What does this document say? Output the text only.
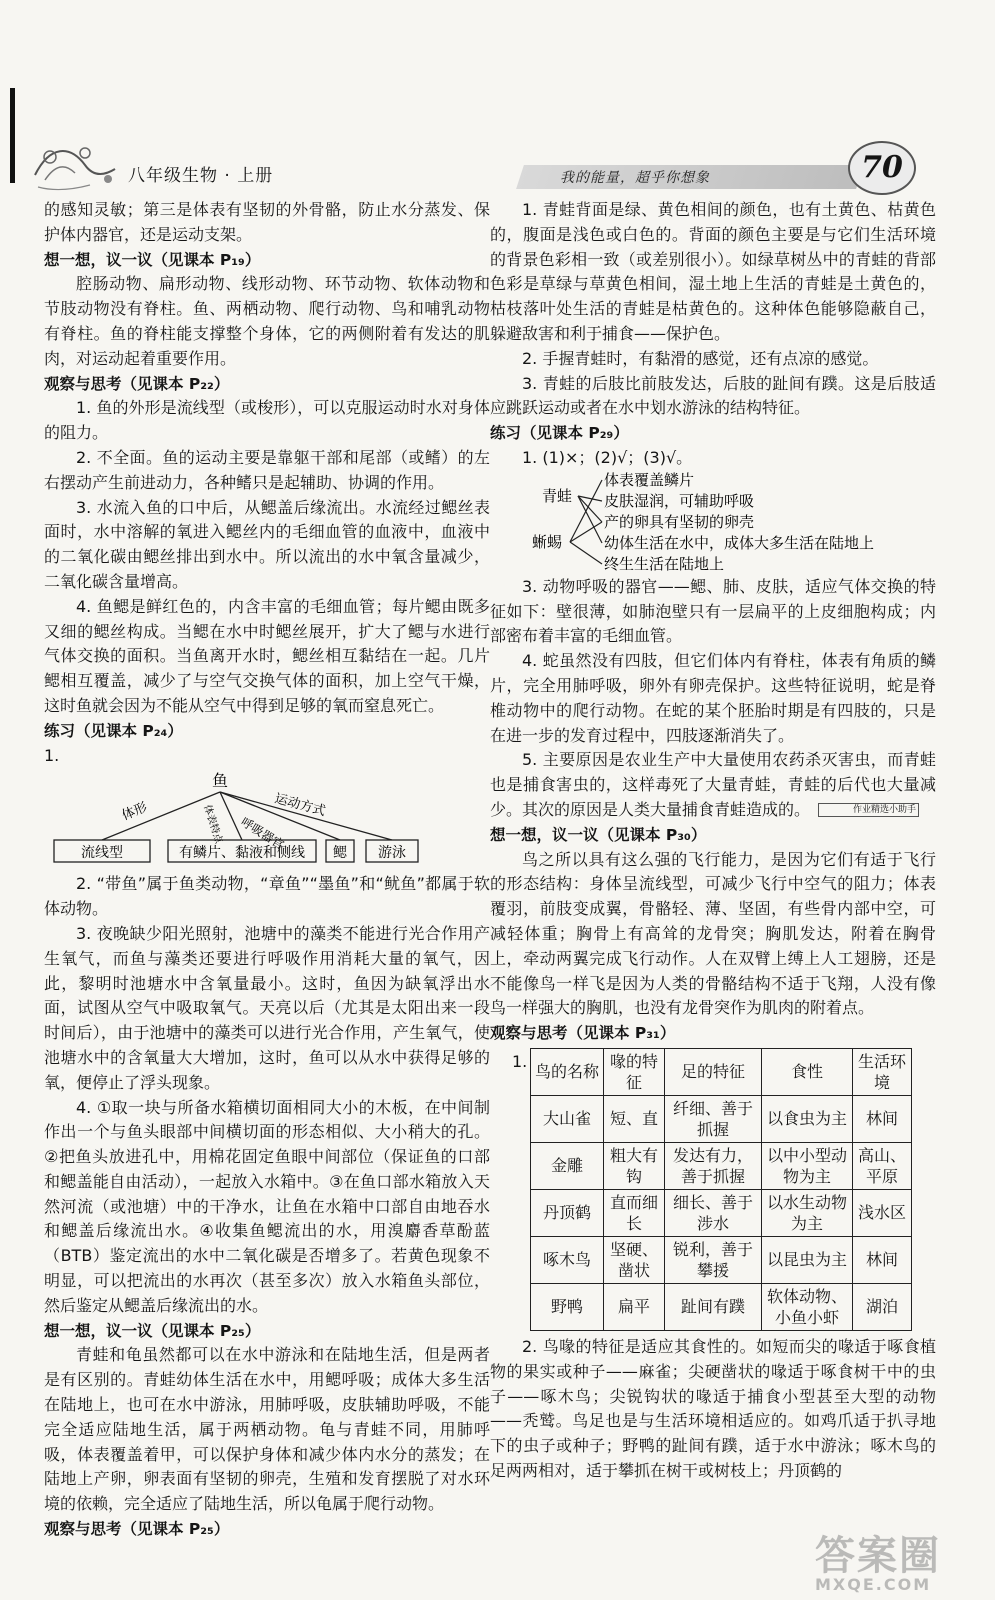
八年级生物 · 上册	我的能量，超乎你想象	70

的感知灵敏；第三是体表有坚韧的外骨骼，防止水分蒸发、保护体内器官，还是运动支架。

想一想，议一议（见课本 P₁₉）

腔肠动物、扁形动物、线形动物、环节动物、软体动物和节肢动物没有脊柱。鱼、两栖动物、爬行动物、鸟和哺乳动物有脊柱。鱼的脊柱能支撑整个身体，它的两侧附着有发达的肌肉，对运动起着重要作用。

观察与思考（见课本 P₂₂）

1. 鱼的外形是流线型（或梭形），可以克服运动时水对身体的阻力。

2. 不全面。鱼的运动主要是靠躯干部和尾部（或鳍）的左右摆动产生前进动力，各种鳍只是起辅助、协调的作用。

3. 水流入鱼的口中后，从鳃盖后缘流出。水流经过鳃丝表面时，水中溶解的氧进入鳃丝内的毛细血管的血液中，血液中的二氧化碳由鳃丝排出到水中。所以流出的水中氧含量减少，二氧化碳含量增高。

4. 鱼鳃是鲜红色的，内含丰富的毛细血管；每片鳃由既多又细的鳃丝构成。当鳃在水中时鳃丝展开，扩大了鳃与水进行气体交换的面积。当鱼离开水时，鳃丝相互黏结在一起。几片鳃相互覆盖，减少了与空气交换气体的面积，加上空气干燥，这时鱼就会因为不能从空气中得到足够的氧而窒息死亡。

练习（见课本 P₂₄）

1.

鱼
流线型	有鳞片、黏液和侧线 鳃 游泳
体形	体表特点 呼吸器官
运动方式

2. “带鱼”属于鱼类动物，“章鱼”“墨鱼”和“鱿鱼”都属于软体动物。

3. 夜晚缺少阳光照射，池塘中的藻类不能进行光合作用产生氧气，而鱼与藻类还要进行呼吸作用消耗大量的氧气，因此，黎明时池塘水中含氧量最小。这时，鱼因为缺氧浮出水面，试图从空气中吸取氧气。天亮以后（尤其是太阳出来一段时间后），由于池塘中的藻类可以进行光合作用，产生氧气，使池塘水中的含氧量大大增加，这时，鱼可以从水中获得足够的氧，便停止了浮头现象。

4. ①取一块与所备水箱横切面相同大小的木板，在中间制作出一个与鱼头眼部中间横切面的形态相似、大小稍大的孔。②把鱼头放进孔中，用棉花固定鱼眼中间部位（保证鱼的口部和鳃盖能自由活动），一起放入水箱中。③在鱼口部水箱放入天然河流（或池塘）中的干净水，让鱼在水箱中口部自由地吞水和鳃盖后缘流出水。④收集鱼鳃流出的水，用溴麝香草酚蓝（BTB）鉴定流出的水中二氧化碳是否增多了。若黄色现象不明显，可以把流出的水再次（甚至多次）放入水箱鱼头部位，然后鉴定从鳃盖后缘流出的水。

想一想，议一议（见课本 P₂₅）

青蛙和龟虽然都可以在水中游泳和在陆地生活，但是两者是有区别的。青蛙幼体生活在水中，用鳃呼吸；成体大多生活在陆地上，也可在水中游泳，用肺呼吸，皮肤辅助呼吸，不能完全适应陆地生活，属于两栖动物。龟与青蛙不同，用肺呼吸，体表覆盖着甲，可以保护身体和减少体内水分的蒸发；在陆地上产卵，卵表面有坚韧的卵壳，生殖和发育摆脱了对水环境的依赖，完全适应了陆地生活，所以龟属于爬行动物。

观察与思考（见课本 P₂₅）

1. 青蛙背面是绿、黄色相间的颜色，也有土黄色、枯黄色的，腹面是浅色或白色的。背面的颜色主要是与它们生活环境的背景色彩相一致（或差别很小）。如绿草树丛中的青蛙的背部色彩是草绿与草黄色相间，湿土地上生活的青蛙是土黄色的，枯枝落叶处生活的青蛙是枯黄色的。这种体色能够隐蔽自己，躲避敌害和利于捕食——保护色。

2. 手握青蛙时，有黏滑的感觉，还有点凉的感觉。

3. 青蛙的后肢比前肢发达，后肢的趾间有蹼。这是后肢适应跳跃运动或者在水中划水游泳的结构特征。

练习（见课本 P₂₉）

1. (1)×；(2)√；(3)√。

青蛙
蜥蜴
体表覆盖鳞片
皮肤湿润，可辅助呼吸
产的卵具有坚韧的卵壳
幼体生活在水中，成体大多生活在陆地上
终生生活在陆地上

3. 动物呼吸的器官——鳃、肺、皮肤，适应气体交换的特征如下：壁很薄，如肺泡壁只有一层扁平的上皮细胞构成；内部密布着丰富的毛细血管。

4. 蛇虽然没有四肢，但它们体内有脊柱，体表有角质的鳞片，完全用肺呼吸，卵外有卵壳保护。这些特征说明，蛇是脊椎动物中的爬行动物。在蛇的某个胚胎时期是有四肢的，只是在进一步的发育过程中，四肢逐渐消失了。

5. 主要原因是农业生产中大量使用农药杀灭害虫，而青蛙也是捕食害虫的，这样毒死了大量青蛙，青蛙的后代也大量减少。其次的原因是人类大量捕食青蛙造成的。	作业精选小助手

想一想，议一议（见课本 P₃₀）

鸟之所以具有这么强的飞行能力，是因为它们有适于飞行的形态结构：身体呈流线型，可减少飞行中空气的阻力；体表覆羽，前肢变成翼，骨骼轻、薄、坚固，有些骨内部中空，可减轻体重；胸骨上有高耸的龙骨突；胸肌发达，附着在胸骨上，牵动两翼完成飞行动作。人在双臂上缚上人工翅膀，还是不能像鸟一样飞是因为人类的骨骼结构不适于飞翔，人没有像鸟一样强大的胸肌，也没有龙骨突作为肌肉的附着点。

观察与思考（见课本 P₃₁）

1.
鸟的名称	喙的特征	足的特征	食性	生活环境
大山雀	短、直	纤细、善于抓握	以食虫为主	林间
金雕	粗大有钩	发达有力，善于抓握	以中小型动物为主	高山、平原
丹顶鹤	直而细长	细长、善于涉水	以水生动物为主	浅水区
啄木鸟	坚硬、凿状	锐利，善于攀援	以昆虫为主	林间
野鸭	扁平	趾间有蹼	软体动物、小鱼小虾	湖泊

2. 鸟喙的特征是适应其食性的。如短而尖的喙适于啄食植物的果实或种子——麻雀；尖硬凿状的喙适于啄食树干中的虫子——啄木鸟；尖锐钩状的喙适于捕食小型甚至大型的动物——秃鹫。鸟足也是与生活环境相适应的。如鸡爪适于扒寻地下的虫子或种子；野鸭的趾间有蹼，适于水中游泳；啄木鸟的足两两相对，适于攀抓在树干或树枝上；丹顶鹤的

答案圈
MXQE.COM
